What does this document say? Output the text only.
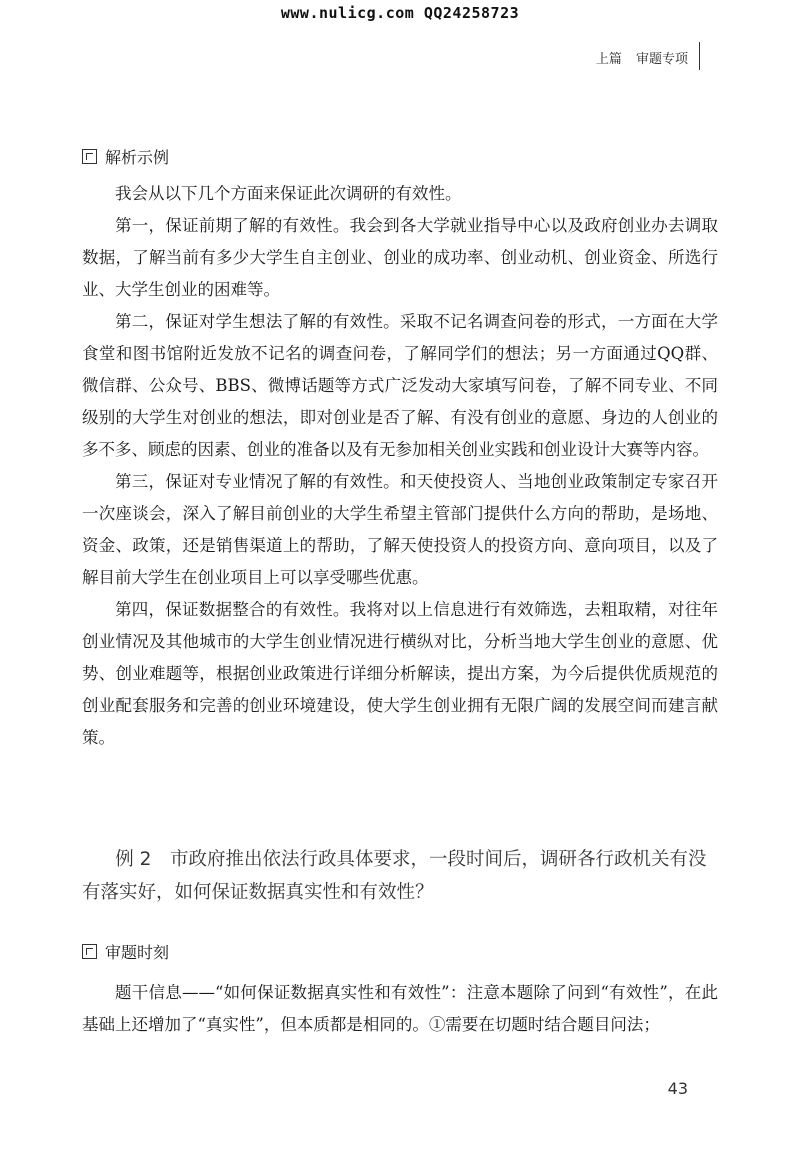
www.nulicg.com QQ24258723
上篇 审题专项
解析示例

我会从以下几个方面来保证此次调研的有效性。

第一，保证前期了解的有效性。我会到各大学就业指导中心以及政府创业办去调取数据，了解当前有多少大学生自主创业、创业的成功率、创业动机、创业资金、所选行业、大学生创业的困难等。

第二，保证对学生想法了解的有效性。采取不记名调查问卷的形式，一方面在大学食堂和图书馆附近发放不记名的调查问卷，了解同学们的想法；另一方面通过QQ群、微信群、公众号、BBS、微博话题等方式广泛发动大家填写问卷，了解不同专业、不同级别的大学生对创业的想法，即对创业是否了解、有没有创业的意愿、身边的人创业的多不多、顾虑的因素、创业的准备以及有无参加相关创业实践和创业设计大赛等内容。

第三，保证对专业情况了解的有效性。和天使投资人、当地创业政策制定专家召开一次座谈会，深入了解目前创业的大学生希望主管部门提供什么方向的帮助，是场地、资金、政策，还是销售渠道上的帮助，了解天使投资人的投资方向、意向项目，以及了解目前大学生在创业项目上可以享受哪些优惠。

第四，保证数据整合的有效性。我将对以上信息进行有效筛选，去粗取精，对往年创业情况及其他城市的大学生创业情况进行横纵对比，分析当地大学生创业的意愿、优势、创业难题等，根据创业政策进行详细分析解读，提出方案，为今后提供优质规范的创业配套服务和完善的创业环境建设，使大学生创业拥有无限广阔的发展空间而建言献策。

例 2　市政府推出依法行政具体要求，一段时间后，调研各行政机关有没有落实好，如何保证数据真实性和有效性？

审题时刻

题干信息——“如何保证数据真实性和有效性”：注意本题除了问到“有效性”，在此基础上还增加了“真实性”，但本质都是相同的。①需要在切题时结合题目问法；

43
